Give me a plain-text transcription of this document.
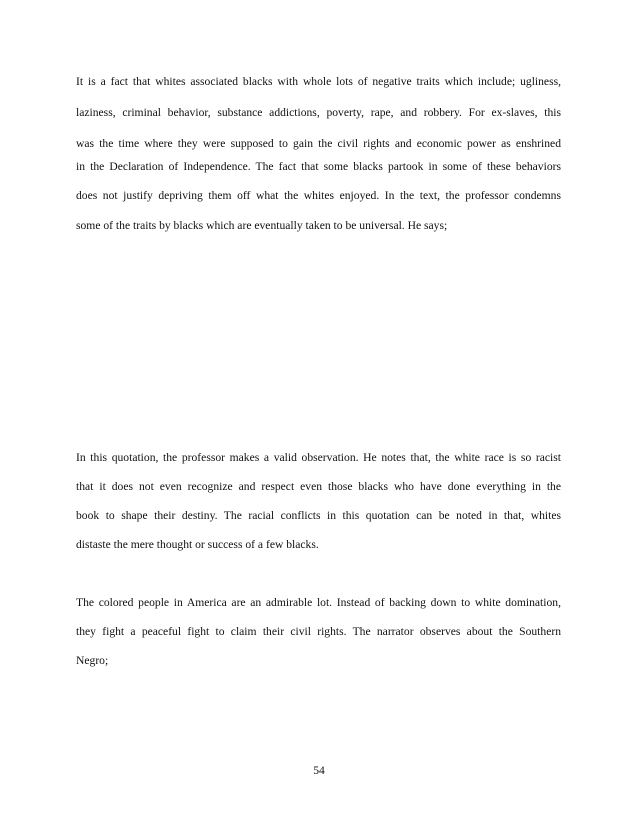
It is a fact that whites associated blacks with whole lots of negative traits which include; ugliness,
laziness, criminal behavior, substance addictions, poverty, rape, and robbery. For ex-slaves, this
was the time where they were supposed to gain the civil rights and economic power as enshrined
in the Declaration of Independence. The fact that some blacks partook in some of these behaviors
does not justify depriving them off what the whites enjoyed. In the text, the professor condemns
some of the traits by blacks which are eventually taken to be universal. He says;
In this quotation, the professor makes a valid observation. He notes that, the white race is so racist
that it does not even recognize and respect even those blacks who have done everything in the
book to shape their destiny. The racial conflicts in this quotation can be noted in that, whites
distaste the mere thought or success of a few blacks.
The colored people in America are an admirable lot. Instead of backing down to white domination,
they fight a peaceful fight to claim their civil rights. The narrator observes about the Southern
Negro;
54
